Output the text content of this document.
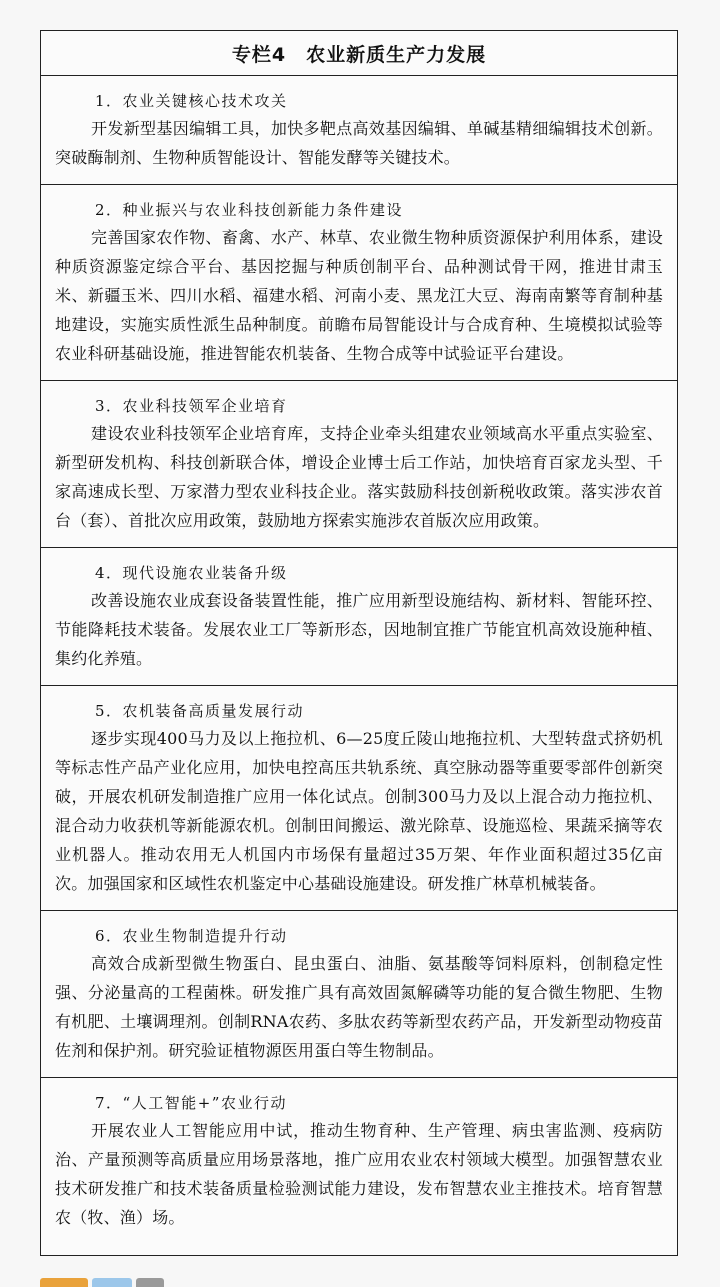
专栏4　农业新质生产力发展
1．农业关键核心技术攻关

开发新型基因编辑工具，加快多靶点高效基因编辑、单碱基精细编辑技术创新。突破酶制剂、生物种质智能设计、智能发酵等关键技术。

2．种业振兴与农业科技创新能力条件建设

完善国家农作物、畜禽、水产、林草、农业微生物种质资源保护利用体系，建设种质资源鉴定综合平台、基因挖掘与种质创制平台、品种测试骨干网，推进甘肃玉米、新疆玉米、四川水稻、福建水稻、河南小麦、黑龙江大豆、海南南繁等育制种基地建设，实施实质性派生品种制度。前瞻布局智能设计与合成育种、生境模拟试验等农业科研基础设施，推进智能农机装备、生物合成等中试验证平台建设。

3．农业科技领军企业培育

建设农业科技领军企业培育库，支持企业牵头组建农业领域高水平重点实验室、新型研发机构、科技创新联合体，增设企业博士后工作站，加快培育百家龙头型、千家高速成长型、万家潜力型农业科技企业。落实鼓励科技创新税收政策。落实涉农首台（套）、首批次应用政策，鼓励地方探索实施涉农首版次应用政策。

4．现代设施农业装备升级

改善设施农业成套设备装置性能，推广应用新型设施结构、新材料、智能环控、节能降耗技术装备。发展农业工厂等新形态，因地制宜推广节能宜机高效设施种植、集约化养殖。

5．农机装备高质量发展行动

逐步实现400马力及以上拖拉机、6—25度丘陵山地拖拉机、大型转盘式挤奶机等标志性产品产业化应用，加快电控高压共轨系统、真空脉动器等重要零部件创新突破，开展农机研发制造推广应用一体化试点。创制300马力及以上混合动力拖拉机、混合动力收获机等新能源农机。创制田间搬运、激光除草、设施巡检、果蔬采摘等农业机器人。推动农用无人机国内市场保有量超过35万架、年作业面积超过35亿亩次。加强国家和区域性农机鉴定中心基础设施建设。研发推广林草机械装备。

6．农业生物制造提升行动

高效合成新型微生物蛋白、昆虫蛋白、油脂、氨基酸等饲料原料，创制稳定性强、分泌量高的工程菌株。研发推广具有高效固氮解磷等功能的复合微生物肥、生物有机肥、土壤调理剂。创制RNA农药、多肽农药等新型农药产品，开发新型动物疫苗佐剂和保护剂。研究验证植物源医用蛋白等生物制品。

7．“人工智能+”农业行动

开展农业人工智能应用中试，推动生物育种、生产管理、病虫害监测、疫病防治、产量预测等高质量应用场景落地，推广应用农业农村领域大模型。加强智慧农业技术研发推广和技术装备质量检验测试能力建设，发布智慧农业主推技术。培育智慧农（牧、渔）场。
